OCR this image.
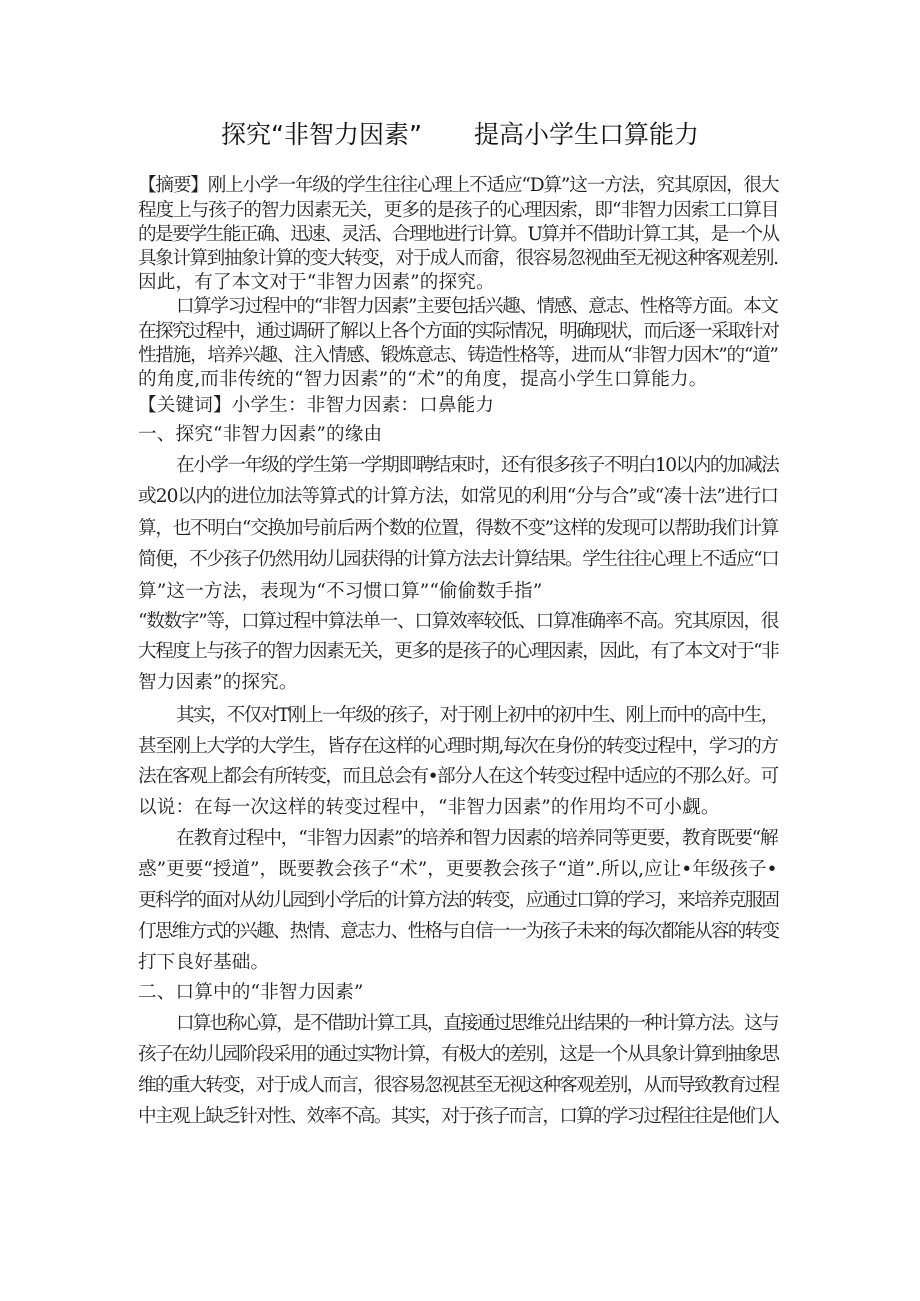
探究“非智力因素” 提高小学生口算能力
【摘要】刚上小学一年级的学生往往心理上不适应“D算”这一方法，究其原因，很大
程度上与孩子的智力因素无关，更多的是孩子的心理因索，即“非智力因索工口算目
的是要学生能正确、迅速、灵活、合理地进行计算。U算并不借助计算工其，是一个从
具象计算到抽象计算的变大转变，对于成人而畲，很容易忽视曲至无视这种客观差别.
因此，有了本文对于“非智力因素”的探究。
口算学习过程中的“非智力因素”主要包括兴趣、情感、意志、性格等方面。本文
在探究过程中，通过调研了解以上各个方面的实际情况，明确现状，而后逐一采取针对
性措施，培养兴趣、注入情感、锻炼意志、铸造性格等，进而从“非智力因木”的“道”
的角度,而非传统的“智力因素”的“术”的角度，提高小学生口算能力。
【关键词】小学生：非智力因素：口鼻能力
一、探究“非智力因素”的缘由
在小学一年级的学生第一学期即聘结束时，还有很多孩子不明白10以内的加减法
或20以内的进位加法等算式的计算方法，如常见的利用“分与合”或“凑十法”进行口
算，也不明白“交换加号前后两个数的位置，得数不变”这样的发现可以帮助我们计算
简便，不少孩子仍然用幼儿园获得的计算方法去计算结果。学生往往心理上不适应“口
算”这一方法，表现为“不习惯口算”“偷偷数手指”
“数数字”等，口算过程中算法单一、口算效率较低、口算准确率不高。究其原因，很
大程度上与孩子的智力因素无关，更多的是孩子的心理因素，因此，有了本文对于“非
智力因素”的探究。
其实，不仅对T刚上一年级的孩子，对于刚上初中的初中生、刚上而中的高中生，
甚至刚上大学的大学生，皆存在这样的心理时期,每次在身份的转变过程中，学习的方
法在客观上都会有所转变，而且总会有•部分人在这个转变过程中适应的不那么好。可
以说：在每一次这样的转变过程中，“非智力因素”的作用均不可小觑。
在教育过程中，“非智力因素”的培养和智力因素的培养同等更要，教育既要“解
惑”更要“授道”，既要教会孩子“术”，更要教会孩子“道”.所以,应让•年级孩子•
更科学的面对从幼儿园到小学后的计算方法的转变，应通过口算的学习，来培养克服固
仃思维方式的兴趣、热情、意志力、性格与自信一一为孩子未来的每次都能从容的转变
打下良好基础。
二、口算中的“非智力因素”
口算也称心算，是不借助计算工具，直接通过思维兑出结果的一种计算方法。这与
孩子在幼儿园阶段采用的通过实物计算，有极大的差别，这是一个从具象计算到抽象思
维的重大转变，对于成人而言，很容易忽视甚至无视这种客观差别，从而导致教育过程
中主观上缺乏针对性、效率不高。其实，对于孩子而言，口算的学习过程往往是他们人
